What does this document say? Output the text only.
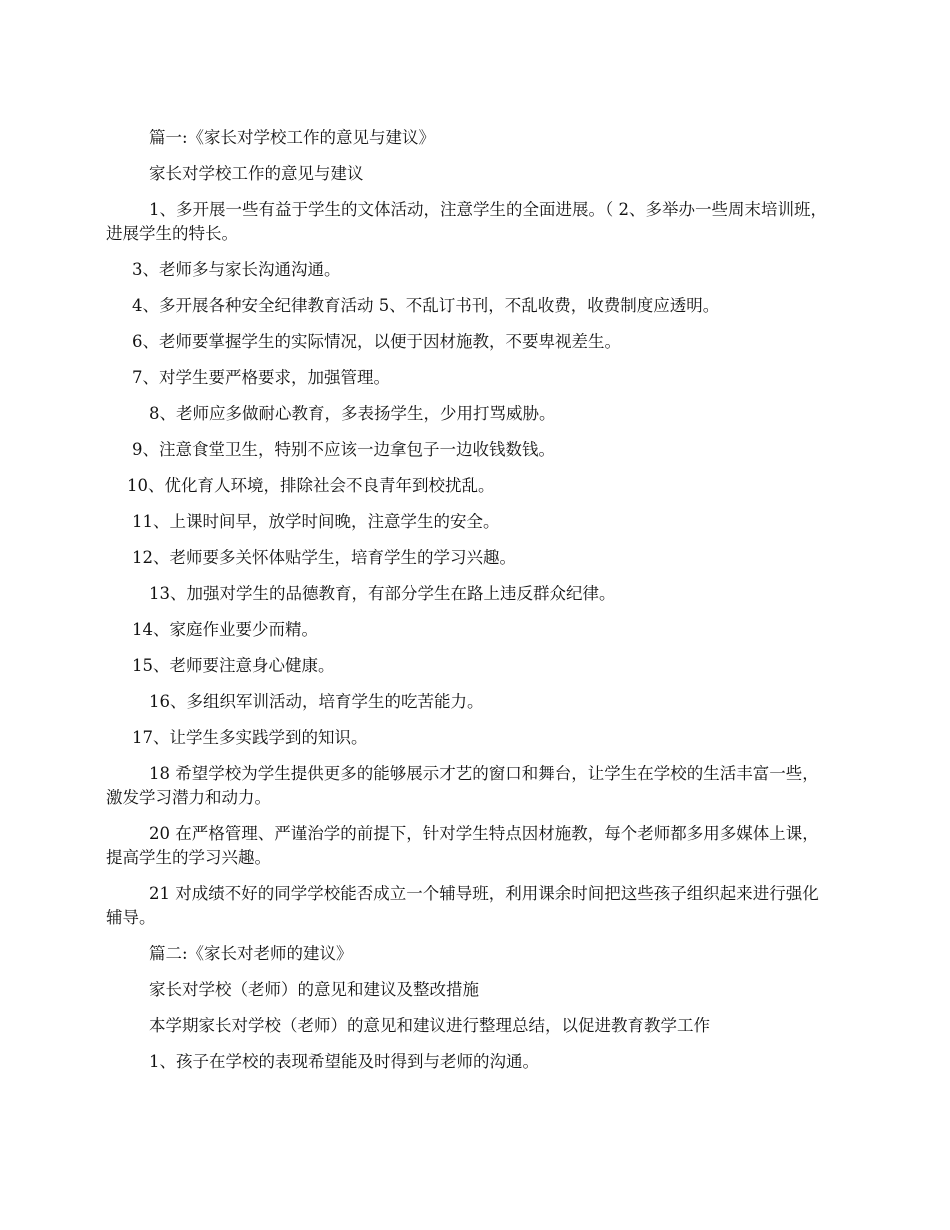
篇一:《家长对学校工作的意见与建议》

家长对学校工作的意见与建议

1、多开展一些有益于学生的文体活动，注意学生的全面进展。（ 2、多举办一些周末培训班，进展学生的特长。

3、老师多与家长沟通沟通。

4、多开展各种安全纪律教育活动 5、不乱订书刊，不乱收费，收费制度应透明。

6、老师要掌握学生的实际情况，以便于因材施教，不要卑视差生。

7、对学生要严格要求，加强管理。

8、老师应多做耐心教育，多表扬学生，少用打骂威胁。

9、注意食堂卫生，特别不应该一边拿包子一边收钱数钱。

10、优化育人环境，排除社会不良青年到校扰乱。

11、上课时间早，放学时间晚，注意学生的安全。

12、老师要多关怀体贴学生，培育学生的学习兴趣。

13、加强对学生的品德教育，有部分学生在路上违反群众纪律。

14、家庭作业要少而精。

15、老师要注意身心健康。

16、多组织军训活动，培育学生的吃苦能力。

17、让学生多实践学到的知识。

18 希望学校为学生提供更多的能够展示才艺的窗口和舞台，让学生在学校的生活丰富一些，激发学习潜力和动力。

20 在严格管理、严谨治学的前提下，针对学生特点因材施教，每个老师都多用多媒体上课，提高学生的学习兴趣。

21 对成绩不好的同学学校能否成立一个辅导班，利用课余时间把这些孩子组织起来进行强化辅导。

篇二:《家长对老师的建议》

家长对学校（老师）的意见和建议及整改措施

本学期家长对学校（老师）的意见和建议进行整理总结，以促进教育教学工作

1、孩子在学校的表现希望能及时得到与老师的沟通。
